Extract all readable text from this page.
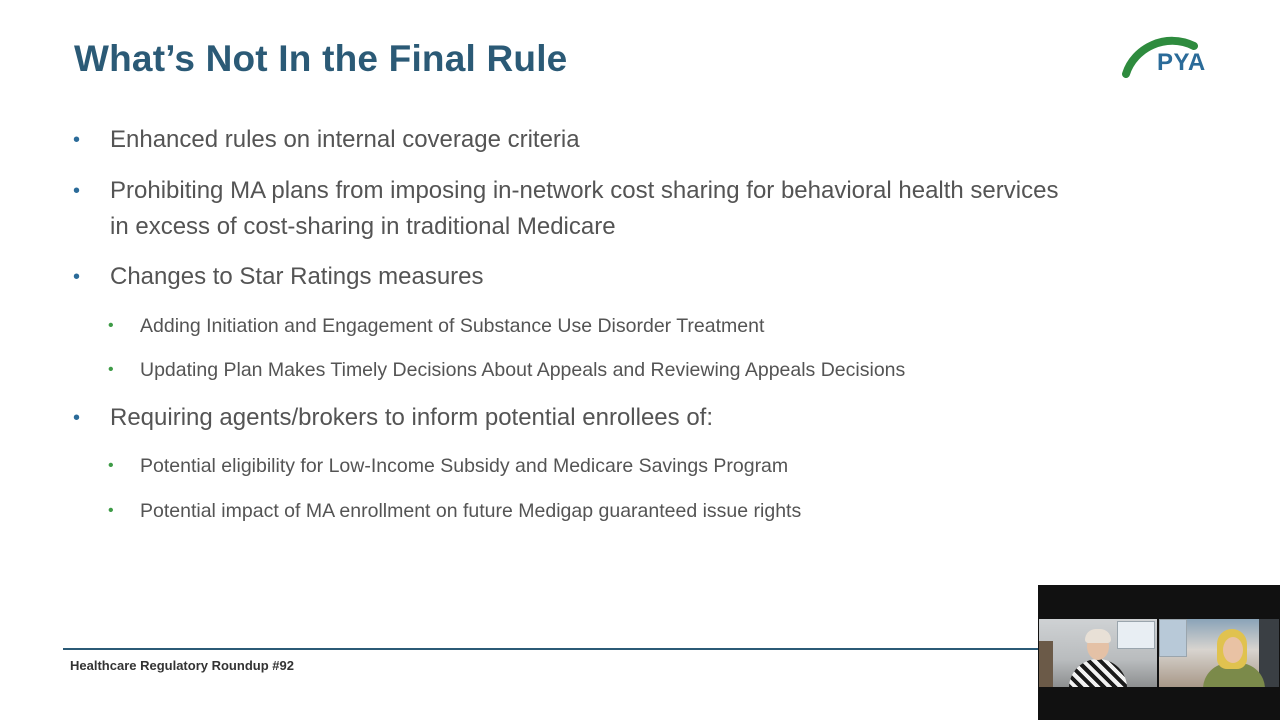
What’s Not In the Final Rule	PYA
• Enhanced rules on internal coverage criteria
• Prohibiting MA plans from imposing in-network cost sharing for behavioral health services
in excess of cost-sharing in traditional Medicare
• Changes to Star Ratings measures
• Adding Initiation and Engagement of Substance Use Disorder Treatment
• Updating Plan Makes Timely Decisions About Appeals and Reviewing Appeals Decisions
• Requiring agents/brokers to inform potential enrollees of:
• Potential eligibility for Low-Income Subsidy and Medicare Savings Program
• Potential impact of MA enrollment on future Medigap guaranteed issue rights
Healthcare Regulatory Roundup #92
